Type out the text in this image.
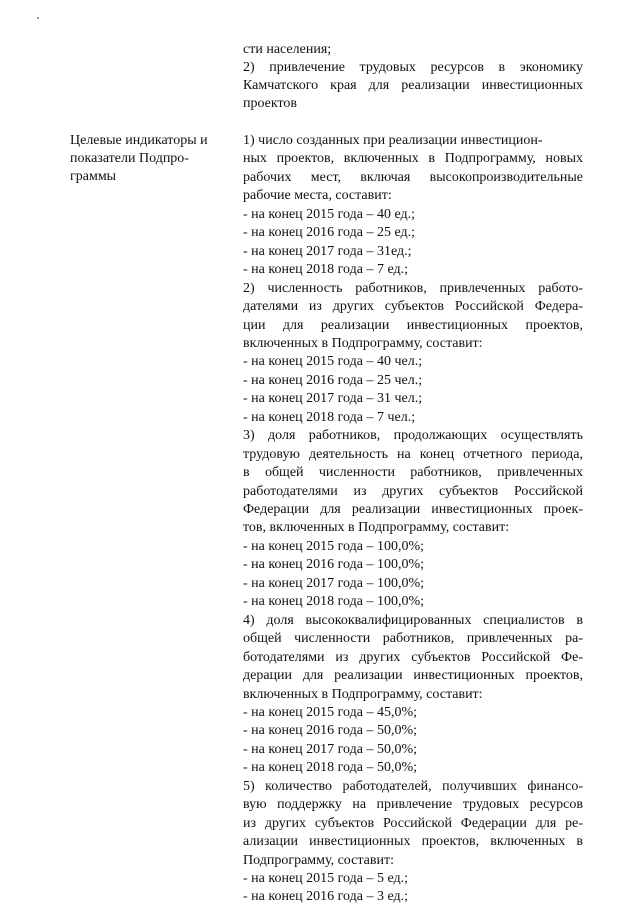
сти населения;
2) привлечение трудовых ресурсов в экономику
Камчатского края для реализации инвестиционных
проектов
Целевые индикаторы и
показатели Подпро-
граммы
1) число созданных при реализации инвестицион-
ных проектов, включенных в Подпрограмму, новых
рабочих мест, включая высокопроизводительные
рабочие места, составит:
- на конец 2015 года – 40 ед.;
- на конец 2016 года – 25 ед.;
- на конец 2017 года – 31ед.;
- на конец 2018 года – 7 ед.;
2) численность работников, привлеченных работо-
дателями из других субъектов Российской Федера-
ции для реализации инвестиционных проектов,
включенных в Подпрограмму, составит:
- на конец 2015 года – 40 чел.;
- на конец 2016 года – 25 чел.;
- на конец 2017 года – 31 чел.;
- на конец 2018 года – 7 чел.;
3) доля работников, продолжающих осуществлять
трудовую деятельность на конец отчетного периода,
в общей численности работников, привлеченных
работодателями из других субъектов Российской
Федерации для реализации инвестиционных проек-
тов, включенных в Подпрограмму, составит:
- на конец 2015 года – 100,0%;
- на конец 2016 года – 100,0%;
- на конец 2017 года – 100,0%;
- на конец 2018 года – 100,0%;
4) доля высококвалифицированных специалистов в
общей численности работников, привлеченных ра-
ботодателями из других субъектов Российской Фе-
дерации для реализации инвестиционных проектов,
включенных в Подпрограмму, составит:
- на конец 2015 года – 45,0%;
- на конец 2016 года – 50,0%;
- на конец 2017 года – 50,0%;
- на конец 2018 года – 50,0%;
5) количество работодателей, получивших финансо-
вую поддержку на привлечение трудовых ресурсов
из других субъектов Российской Федерации для ре-
ализации инвестиционных проектов, включенных в
Подпрограмму, составит:
- на конец 2015 года – 5 ед.;
- на конец 2016 года – 3 ед.;
